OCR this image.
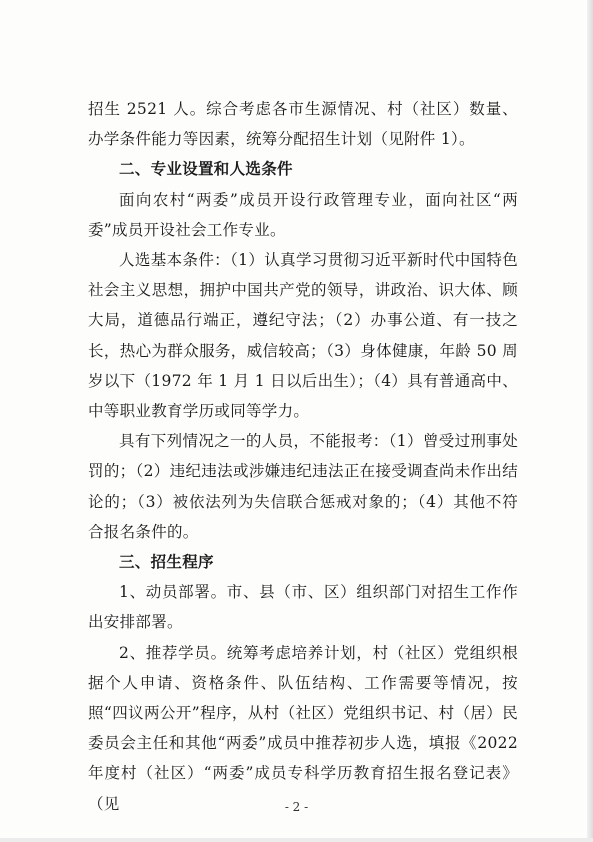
招生 2521 人。综合考虑各市生源情况、村（社区）数量、办学条件能力等因素，统筹分配招生计划（见附件 1）。

二、专业设置和人选条件

面向农村“两委”成员开设行政管理专业，面向社区“两委”成员开设社会工作专业。

人选基本条件：（1）认真学习贯彻习近平新时代中国特色社会主义思想，拥护中国共产党的领导，讲政治、识大体、顾大局，道德品行端正，遵纪守法；（2）办事公道、有一技之长，热心为群众服务，威信较高；（3）身体健康，年龄 50 周岁以下（1972 年 1 月 1 日以后出生）；（4）具有普通高中、中等职业教育学历或同等学力。

具有下列情况之一的人员，不能报考：（1）曾受过刑事处罚的；（2）违纪违法或涉嫌违纪违法正在接受调查尚未作出结论的；（3）被依法列为失信联合惩戒对象的；（4）其他不符合报名条件的。

三、招生程序

1、动员部署。市、县（市、区）组织部门对招生工作作出安排部署。

2、推荐学员。统筹考虑培养计划，村（社区）党组织根据个人申请、资格条件、队伍结构、工作需要等情况，按照“四议两公开”程序，从村（社区）党组织书记、村（居）民委员会主任和其他“两委”成员中推荐初步人选，填报《2022 年度村（社区）“两委”成员专科学历教育招生报名登记表》（见	- 2 -
